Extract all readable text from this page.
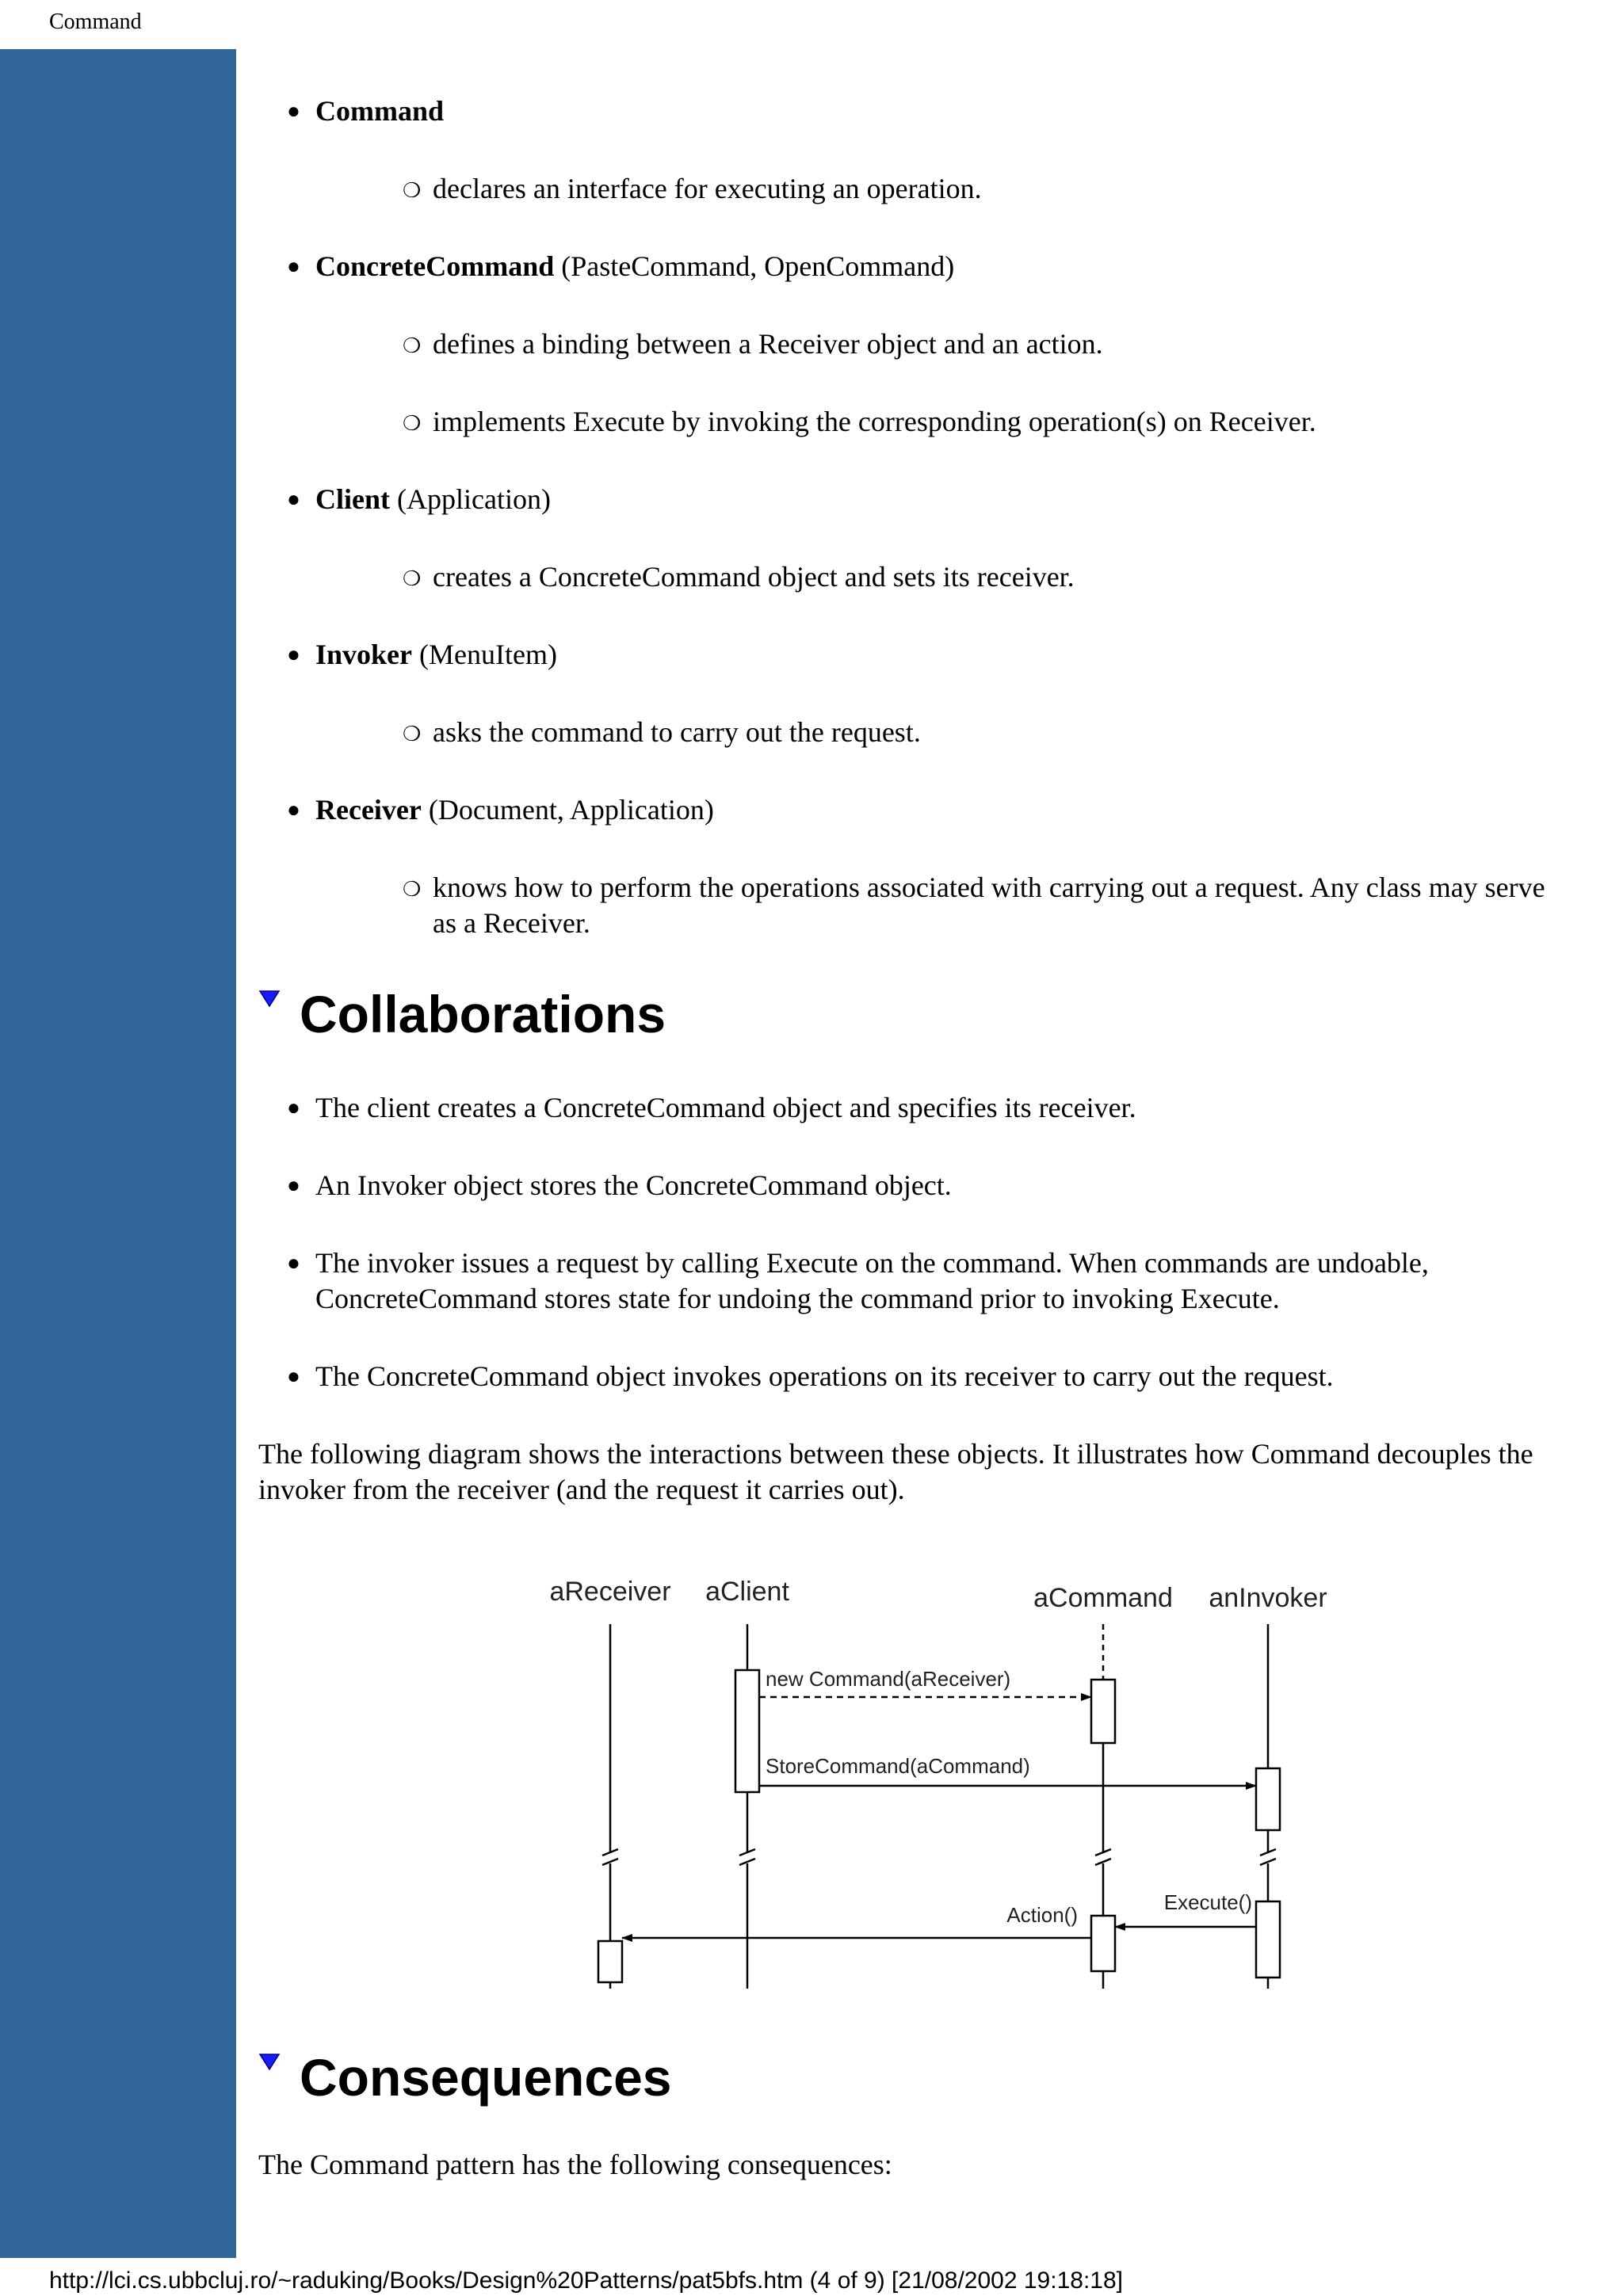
Command
● Command
❍ declares an interface for executing an operation.
● ConcreteCommand (PasteCommand, OpenCommand)
❍ defines a binding between a Receiver object and an action.
❍ implements Execute by invoking the corresponding operation(s) on Receiver.
● Client (Application)
❍ creates a ConcreteCommand object and sets its receiver.
● Invoker (MenuItem)
❍ asks the command to carry out the request.
● Receiver (Document, Application)
❍ knows how to perform the operations associated with carrying out a request. Any class may serve as a Receiver.
Collaborations
● The client creates a ConcreteCommand object and specifies its receiver.
● An Invoker object stores the ConcreteCommand object.
● The invoker issues a request by calling Execute on the command. When commands are undoable, ConcreteCommand stores state for undoing the command prior to invoking Execute.
● The ConcreteCommand object invokes operations on its receiver to carry out the request.
The following diagram shows the interactions between these objects. It illustrates how Command decouples the invoker from the receiver (and the request it carries out).
aReceiver aClient	aCommand anInvoker
new Command(aReceiver)
StoreCommand(aCommand)
Action()
Execute()
Consequences
The Command pattern has the following consequences:
http://lci.cs.ubbcluj.ro/~raduking/Books/Design%20Patterns/pat5bfs.htm (4 of 9) [21/08/2002 19:18:18]
